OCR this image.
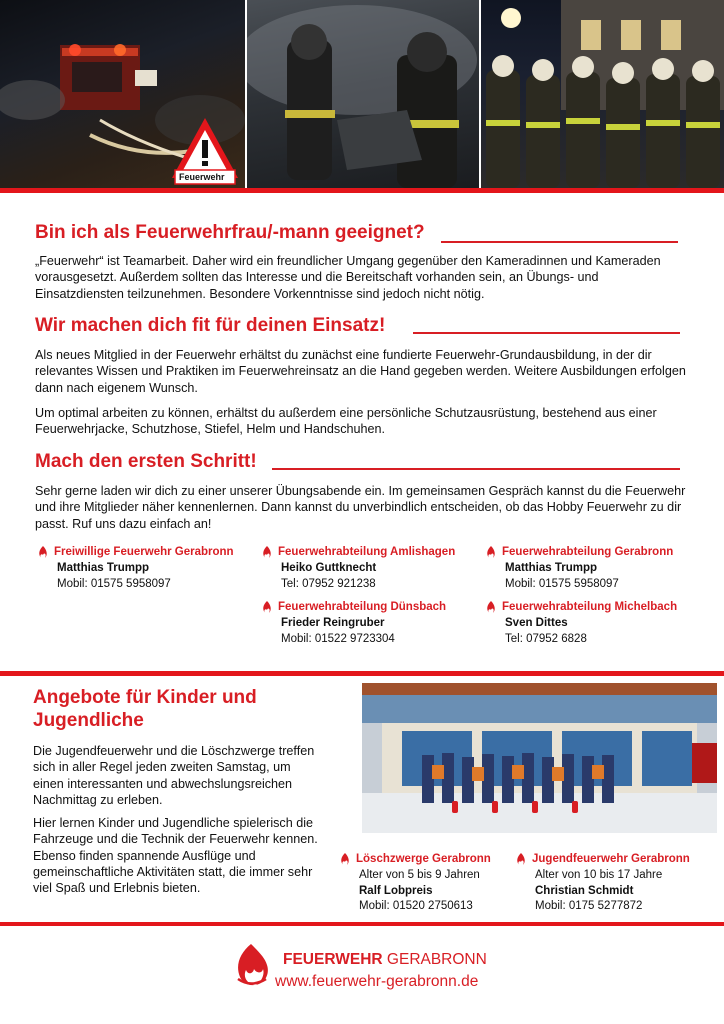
Feuerwehr
Bin ich als Feuerwehrfrau/-mann geeignet?

„Feuerwehr“ ist Teamarbeit. Daher wird ein freundlicher Umgang gegenüber den Kameradinnen und Kameraden vorausgesetzt. Außerdem sollten das Interesse und die Bereitschaft vorhanden sein, an Übungs- und Einsatzdiensten teilzunehmen. Besondere Vorkenntnisse sind jedoch nicht nötig.

Wir machen dich fit für deinen Einsatz!

Als neues Mitglied in der Feuerwehr erhältst du zunächst eine fundierte Feuerwehr-Grundausbildung, in der dir relevantes Wissen und Praktiken im Feuerwehreinsatz an die Hand gegeben werden. Weitere Ausbildungen erfolgen dann nach eigenem Wunsch.

Um optimal arbeiten zu können, erhältst du außerdem eine persönliche Schutzausrüstung, bestehend aus einer Feuerwehrjacke, Schutzhose, Stiefel, Helm und Handschuhen.

Mach den ersten Schritt!

Sehr gerne laden wir dich zu einer unserer Übungsabende ein. Im gemeinsamen Gespräch kannst du die Feuerwehr und ihre Mitglieder näher kennenlernen. Dann kannst du unverbindlich entscheiden, ob das Hobby Feuerwehr zu dir passt. Ruf uns dazu einfach an!

Freiwillige Feuerwehr Gerabronn
Matthias Trumpp
Mobil: 01575 5958097
Feuerwehrabteilung Amlishagen
Heiko Guttknecht
Tel: 07952 921238
Feuerwehrabteilung Gerabronn
Matthias Trumpp
Mobil: 01575 5958097
Feuerwehrabteilung Dünsbach
Frieder Reingruber
Mobil: 01522 9723304
Feuerwehrabteilung Michelbach
Sven Dittes
Tel: 07952 6828
Angebote für Kinder und Jugendliche

Die Jugendfeuerwehr und die Löschzwerge treffen sich in aller Regel jeden zweiten Samstag, um einen interessanten und abwechslungsreichen Nachmittag zu erleben.

Hier lernen Kinder und Jugendliche spielerisch die Fahrzeuge und die Technik der Feuerwehr kennen. Ebenso finden spannende Ausflüge und gemeinschaftliche Aktivitäten statt, die immer sehr viel Spaß und Erlebnis bieten.

Löschzwerge Gerabronn
Alter von 5 bis 9 Jahren
Ralf Lobpreis
Mobil: 01520 2750613
Jugendfeuerwehr Gerabronn
Alter von 10 bis 17 Jahre
Christian Schmidt
Mobil: 0175 5277872
FEUERWEHR GERABRONN
www.feuerwehr-gerabronn.de
